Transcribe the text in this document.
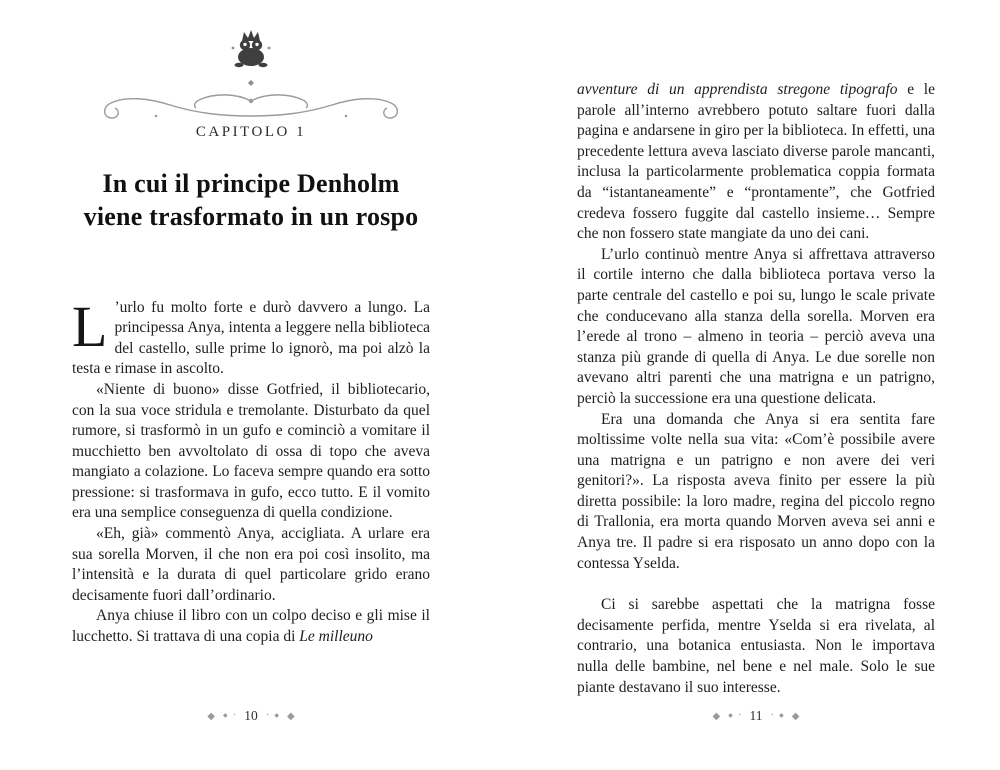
◆
CAPITOLO 1
In cui il principe Denholm
viene trasformato in un rospo

L ’urlo fu molto forte e durò davvero a lungo. La principessa Anya, intenta a leggere nella biblioteca del castello, sulle prime lo ignorò, ma poi alzò la testa e rimase in ascolto.

«Niente di buono» disse Gotfried, il bibliotecario, con la sua voce stridula e tremolante. Disturbato da quel rumore, si trasformò in un gufo e cominciò a vomitare il mucchietto ben avvoltolato di ossa di topo che aveva mangiato a colazione. Lo faceva sempre quando era sotto pressione: si trasformava in gufo, ecco tutto. E il vomito era una semplice conseguenza di quella condizione.

«Eh, già» commentò Anya, accigliata. A urlare era sua sorella Morven, il che non era poi così insolito, ma l’intensità e la durata di quel particolare grido erano decisamente fuori dall’ordinario.

Anya chiuse il libro con un colpo deciso e gli mise il lucchetto. Si trattava di una copia di Le milleuno

◆ ◆ · 10 · ◆ ◆

avventure di un apprendista stregone tipografo e le parole all’interno avrebbero potuto saltare fuori dalla pagina e andarsene in giro per la biblioteca. In effetti, una precedente lettura aveva lasciato diverse parole mancanti, inclusa la particolarmente problematica coppia formata da “istantaneamente” e “prontamente”, che Gotfried credeva fossero fuggite dal castello insieme… Sempre che non fossero state mangiate da uno dei cani.

L’urlo continuò mentre Anya si affrettava attraverso il cortile interno che dalla biblioteca portava verso la parte centrale del castello e poi su, lungo le scale private che conducevano alla stanza della sorella. Morven era l’erede al trono – almeno in teoria – perciò aveva una stanza più grande di quella di Anya. Le due sorelle non avevano altri parenti che una matrigna e un patrigno, perciò la successione era una questione delicata.

Era una domanda che Anya si era sentita fare moltissime volte nella sua vita: «Com’è possibile avere una matrigna e un patrigno e non avere dei veri genitori?». La risposta aveva finito per essere la più diretta possibile: la loro madre, regina del piccolo regno di Trallonia, era morta quando Morven aveva sei anni e Anya tre. Il padre si era risposato un anno dopo con la contessa Yselda.

Ci si sarebbe aspettati che la matrigna fosse decisamente perfida, mentre Yselda si era rivelata, al contrario, una botanica entusiasta. Non le importava nulla delle bambine, nel bene e nel male. Solo le sue piante destavano il suo interesse.

◆ ◆ · 11 · ◆ ◆
